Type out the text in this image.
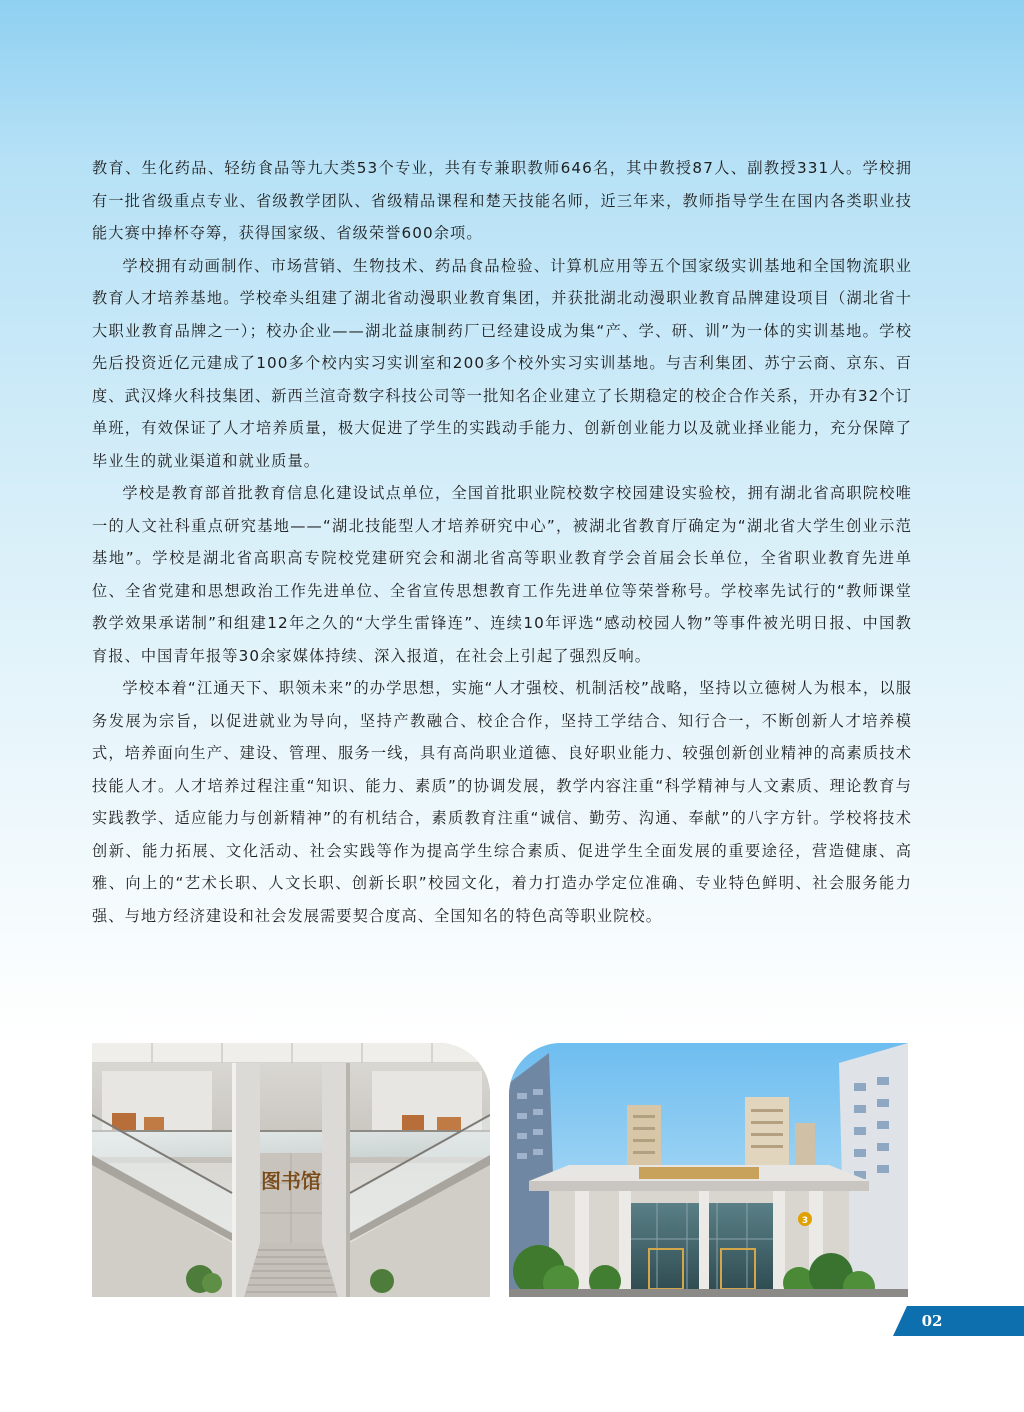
教育、生化药品、轻纺食品等九大类53个专业，共有专兼职教师646名，其中教授87人、副教授331人。学校拥有一批省级重点专业、省级教学团队、省级精品课程和楚天技能名师，近三年来，教师指导学生在国内各类职业技能大赛中捧杯夺筹，获得国家级、省级荣誉600余项。

学校拥有动画制作、市场营销、生物技术、药品食品检验、计算机应用等五个国家级实训基地和全国物流职业教育人才培养基地。学校牵头组建了湖北省动漫职业教育集团，并获批湖北动漫职业教育品牌建设项目（湖北省十大职业教育品牌之一）；校办企业——湖北益康制药厂已经建设成为集“产、学、研、训”为一体的实训基地。学校先后投资近亿元建成了100多个校内实习实训室和200多个校外实习实训基地。与吉利集团、苏宁云商、京东、百度、武汉烽火科技集团、新西兰渲奇数字科技公司等一批知名企业建立了长期稳定的校企合作关系，开办有32个订单班，有效保证了人才培养质量，极大促进了学生的实践动手能力、创新创业能力以及就业择业能力，充分保障了毕业生的就业渠道和就业质量。

学校是教育部首批教育信息化建设试点单位，全国首批职业院校数字校园建设实验校，拥有湖北省高职院校唯一的人文社科重点研究基地——“湖北技能型人才培养研究中心”，被湖北省教育厅确定为“湖北省大学生创业示范基地”。学校是湖北省高职高专院校党建研究会和湖北省高等职业教育学会首届会长单位，全省职业教育先进单位、全省党建和思想政治工作先进单位、全省宣传思想教育工作先进单位等荣誉称号。学校率先试行的“教师课堂教学效果承诺制”和组建12年之久的“大学生雷锋连”、连续10年评选“感动校园人物”等事件被光明日报、中国教育报、中国青年报等30余家媒体持续、深入报道，在社会上引起了强烈反响。

学校本着“江通天下、职领未来”的办学思想，实施“人才强校、机制活校”战略，坚持以立德树人为根本，以服务发展为宗旨，以促进就业为导向，坚持产教融合、校企合作，坚持工学结合、知行合一，不断创新人才培养模式，培养面向生产、建设、管理、服务一线，具有高尚职业道德、良好职业能力、较强创新创业精神的高素质技术技能人才。人才培养过程注重“知识、能力、素质”的协调发展，教学内容注重“科学精神与人文素质、理论教育与实践教学、适应能力与创新精神”的有机结合，素质教育注重“诚信、勤劳、沟通、奉献”的八字方针。学校将技术创新、能力拓展、文化活动、社会实践等作为提高学生综合素质、促进学生全面发展的重要途径，营造健康、高雅、向上的“艺术长职、人文长职、创新长职”校园文化，着力打造办学定位准确、专业特色鲜明、社会服务能力强、与地方经济建设和社会发展需要契合度高、全国知名的特色高等职业院校。

图书馆
3
02
